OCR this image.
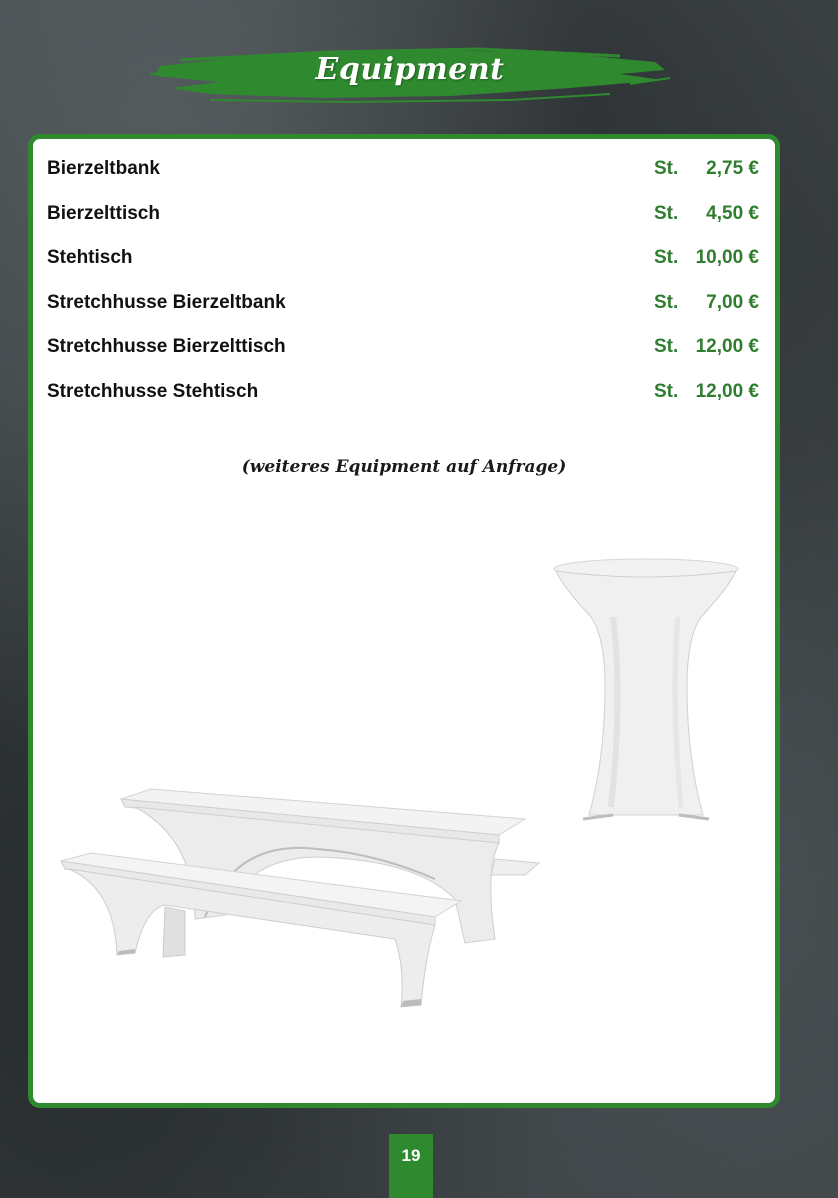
Equipment
Bierzeltbank	St. 2,75 €
Bierzelttisch	St. 4,50 €
Stehtisch	St. 10,00 €
Stretchhusse Bierzeltbank	St. 7,00 €
Stretchhusse Bierzelttisch	St. 12,00 €
Stretchhusse Stehtisch	St. 12,00 €
(weiteres Equipment auf Anfrage)
19
